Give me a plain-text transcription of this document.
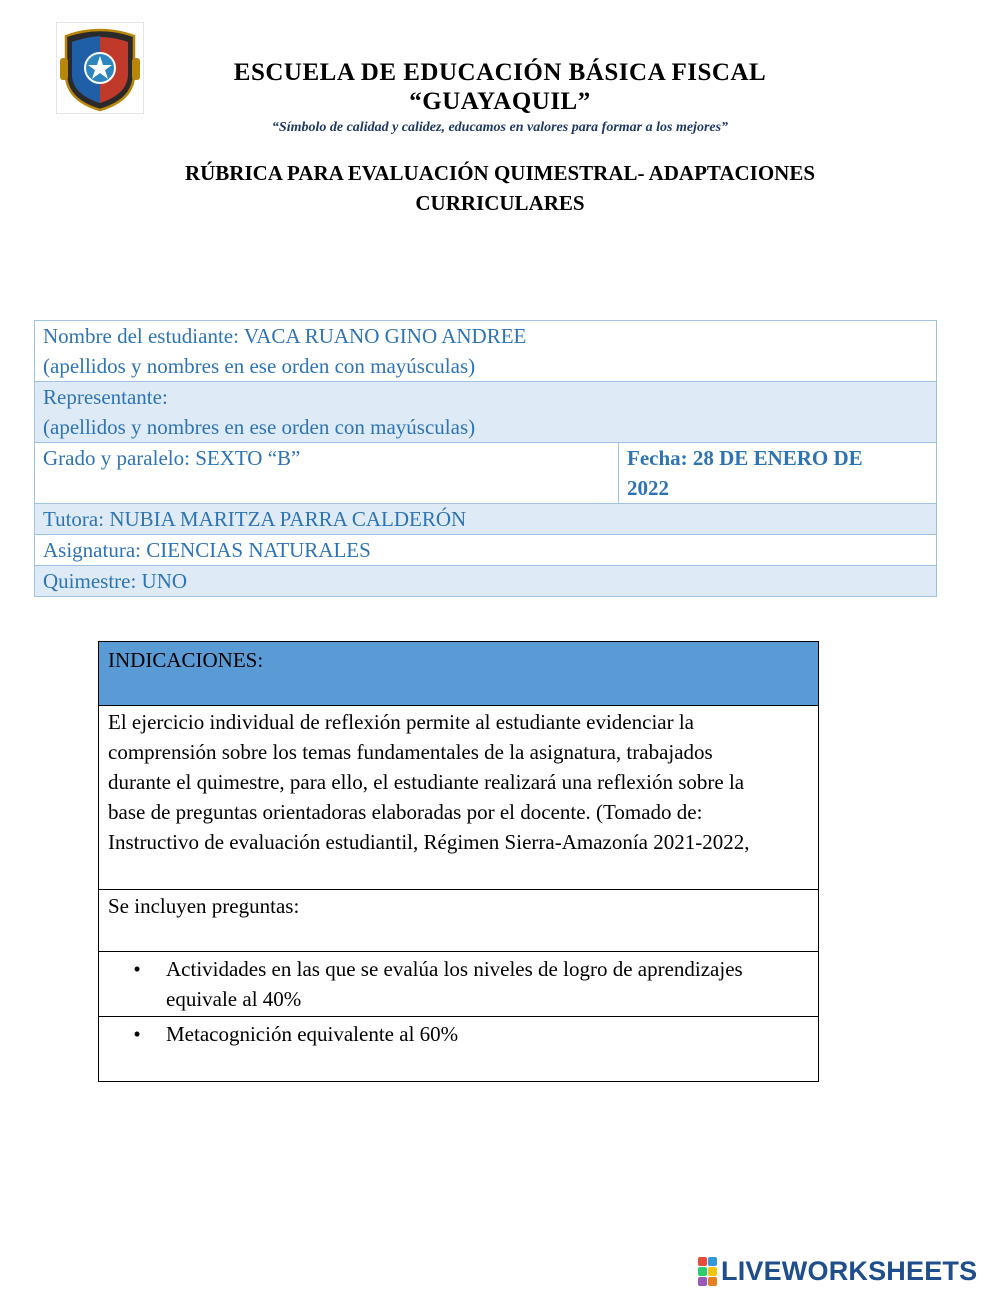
ESCUELA DE EDUCACIÓN BÁSICA FISCAL
“GUAYAQUIL”
“Símbolo de calidad y calidez, educamos en valores para formar a los mejores”
RÚBRICA PARA EVALUACIÓN QUIMESTRAL- ADAPTACIONES
CURRICULARES
Nombre del estudiante: VACA RUANO GINO ANDREE
(apellidos y nombres en ese orden con mayúsculas)

Representante:
(apellidos y nombres en ese orden con mayúsculas)

Grado y paralelo: SEXTO “B”	Fecha: 28 DE ENERO DE
2022

Tutora: NUBIA MARITZA PARRA CALDERÓN

Asignatura: CIENCIAS NATURALES

Quimestre: UNO
INDICACIONES:

El ejercicio individual de reflexión permite al estudiante evidenciar la
comprensión sobre los temas fundamentales de la asignatura, trabajados
durante el quimestre, para ello, el estudiante realizará una reflexión sobre la
base de preguntas orientadoras elaboradas por el docente. (Tomado de:
Instructivo de evaluación estudiantil, Régimen Sierra-Amazonía 2021-2022,

Se incluyen preguntas:

•	Actividades en las que se evalúa los niveles de logro de aprendizajes
equivale al 40%

•	Metacognición equivalente al 60%
LIVEWORKSHEETS
